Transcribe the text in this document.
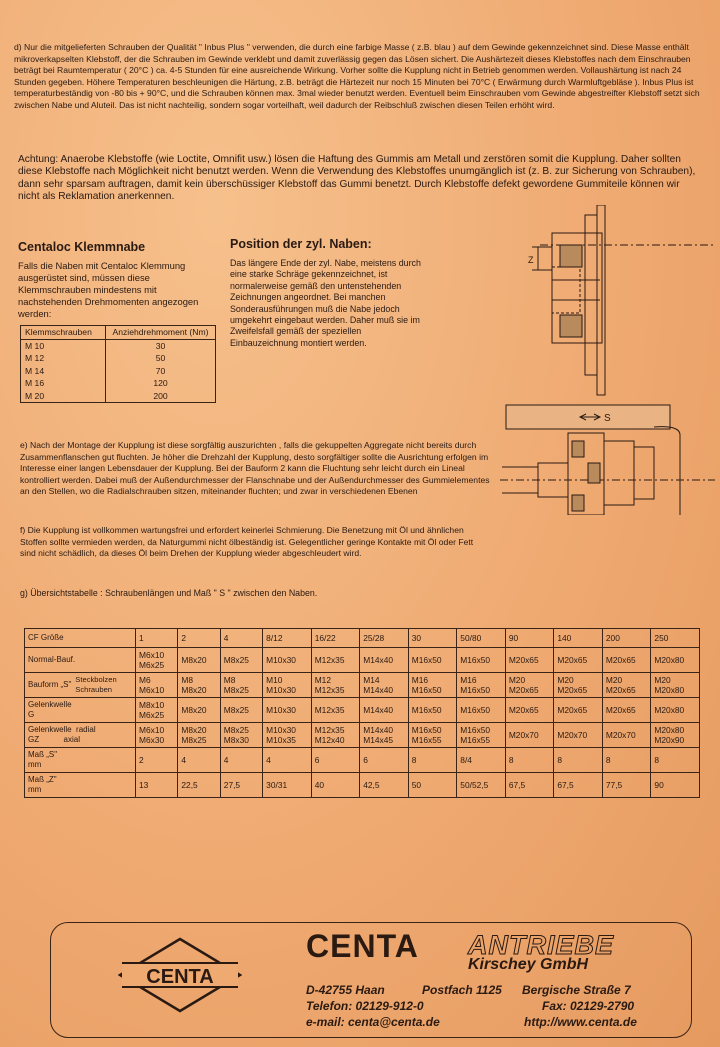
d) Nur die mitgelieferten Schrauben der Qualität " Inbus Plus " verwenden, die durch eine farbige Masse ( z.B. blau ) auf dem Gewinde gekennzeichnet sind. Diese Masse enthält mikroverkapselten Klebstoff, der die Schrauben im Gewinde verklebt und damit zuverlässig gegen das Lösen sichert. Die Aushärtezeit dieses Klebstoffes nach dem Einschrauben beträgt bei Raumtemperatur ( 20°C ) ca. 4-5 Stunden für eine ausreichende Wirkung. Vorher sollte die Kupplung nicht in Betrieb genommen werden. Vollaushärtung ist nach 24 Stunden gegeben. Höhere Temperaturen beschleunigen die Härtung, z.B. beträgt die Härtezeit nur noch 15 Minuten bei 70°C ( Erwärmung durch Warmluftgebläse ). Inbus Plus ist temperaturbeständig von -80 bis + 90°C, und die Schrauben können max. 3mal wieder benutzt werden. Eventuell beim Einschrauben vom Gewinde abgestreifter Klebstoff setzt sich zwischen Nabe und Aluteil. Das ist nicht nachteilig, sondern sogar vorteilhaft, weil dadurch der Reibschluß zwischen diesen Teilen erhöht wird.
Achtung: Anaerobe Klebstoffe (wie Loctite, Omnifit usw.) lösen die Haftung des Gummis am Metall und zerstören somit die Kupplung. Daher sollten diese Klebstoffe nach Möglichkeit nicht benutzt werden. Wenn die Verwendung des Klebstoffes unumgänglich ist (z. B. zur Sicherung von Schrauben), dann sehr sparsam auftragen, damit kein überschüssiger Klebstoff das Gummi benetzt. Durch Klebstoffe defekt gewordene Gummiteile können wir nicht als Reklamation anerkennen.
Centaloc Klemmnabe
Falls die Naben mit Centaloc Klemmung ausgerüstet sind, müssen diese Klemmschrauben mindestens mit nachstehenden Drehmomenten angezogen werden:
Klemmschrauben	Anziehdrehmoment (Nm)
M 10	30
M 12	50
M 14	70
M 16	120
M 20	200
Position der zyl. Naben:
Das längere Ende der zyl. Nabe, meistens durch eine starke Schräge gekennzeichnet, ist normalerweise gemäß den untenstehenden Zeichnungen angeordnet. Bei manchen Sonderausführungen muß die Nabe jedoch umgekehrt eingebaut werden. Daher muß sie im Zweifelsfall gemäß der speziellen Einbauzeichnung montiert werden.
Z
S
e) Nach der Montage der Kupplung ist diese sorgfältig auszurichten , falls die gekuppelten Aggregate nicht bereits durch Zusammenflanschen gut fluchten. Je höher die Drehzahl der Kupplung, desto sorgfältiger sollte die Ausrichtung erfolgen im Interesse einer langen Lebensdauer der Kupplung. Bei der Bauform 2 kann die Fluchtung sehr leicht durch ein Lineal kontrolliert werden. Dabei muß der Außendurchmesser der Flanschnabe und der Außendurchmesser des Gummielementes an den Stellen, wo die Radialschrauben sitzen, miteinander fluchten; und zwar in verschiedenen Ebenen
f) Die Kupplung ist vollkommen wartungsfrei und erfordert keinerlei Schmierung. Die Benetzung mit Öl und ähnlichen Stoffen sollte vermieden werden, da Naturgummi nicht ölbeständig ist. Gelegentlicher geringe Kontakte mit Öl oder Fett sind nicht schädlich, da dieses Öl beim Drehen der Kupplung wieder abgeschleudert wird.
g) Übersichtstabelle : Schraubenlängen und Maß " S " zwischen den Naben.
CF Größe	1	2	4	8/12	16/22	25/28	30	50/80	90	140	200	250
Normal-Bauf.	M6x10
M6x25	M8x20	M8x25	M10x30	M12x35	M14x40	M16x50	M16x50	M20x65	M20x65	M20x65	M20x80
Bauform „S"Steckbolzen
Schrauben	M6
M6x10	M8
M8x20	M8
M8x25	M10
M10x30	M12
M12x35	M14
M14x40	M16
M16x50	M16
M16x50	M20
M20x65	M20
M20x65	M20
M20x65	M20
M20x80
Gelenkwelle
G	M8x10
M6x25	M8x20	M8x25	M10x30	M12x35	M14x40	M16x50	M16x50	M20x65	M20x65	M20x65	M20x80
Gelenkwelle  radial
GZ           axial	M6x10
M6x30	M8x20
M8x25	M8x25
M8x30	M10x30
M10x35	M12x35
M12x40	M14x40
M14x45	M16x50
M16x55	M16x50
M16x55	M20x70	M20x70	M20x70	M20x80
M20x90
Maß „S"
mm	2	4	4	4	6	6	8	8/4	8	8	8	8
Maß „Z"
mm	13	22,5	27,5	30/31	40	42,5	50	50/52,5	67,5	67,5	77,5	90
CENTA
CENTA ANTRIEBE
Kirschey GmbH
D-42755 Haan	Postfach 1125 Bergische Straße 7
Telefon: 02129-912-0	Fax: 02129-2790
e-mail: centa@centa.de	http://www.centa.de
